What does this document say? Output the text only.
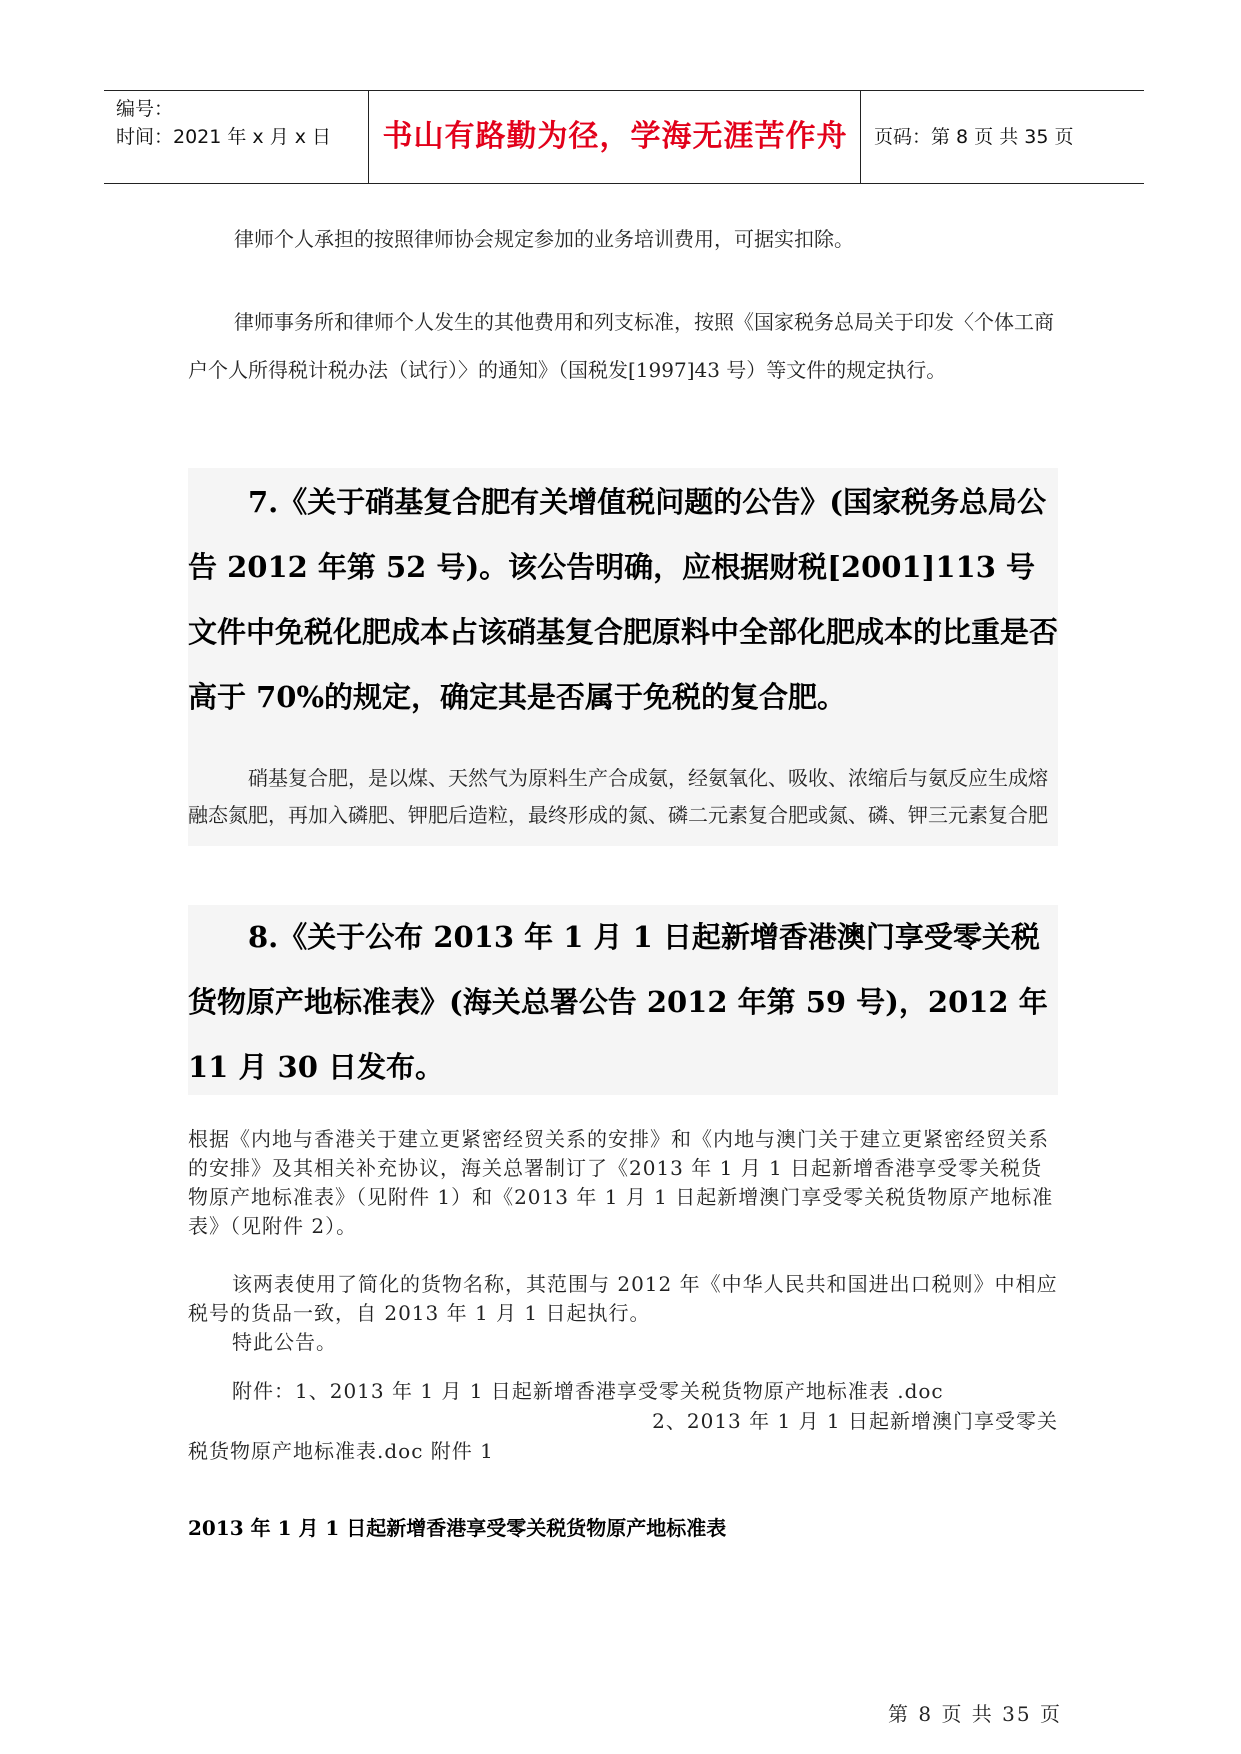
编号：
时间：2021 年 x 月 x 日	书山有路勤为径，学海无涯苦作舟	页码：第 8 页 共 35 页
律师个人承担的按照律师协会规定参加的业务培训费用，可据实扣除。
律师事务所和律师个人发生的其他费用和列支标准，按照《国家税务总局关于印发〈个体工商户个人所得税计税办法（试行）〉的通知》（国税发[1997]43 号）等文件的规定执行。
7.《关于硝基复合肥有关增值税问题的公告》(国家税务总局公告 2012 年第 52 号)。该公告明确，应根据财税[2001]113 号文件中免税化肥成本占该硝基复合肥原料中全部化肥成本的比重是否高于 70%的规定，确定其是否属于免税的复合肥。
硝基复合肥，是以煤、天然气为原料生产合成氨，经氨氧化、吸收、浓缩后与氨反应生成熔融态氮肥，再加入磷肥、钾肥后造粒，最终形成的氮、磷二元素复合肥或氮、磷、钾三元素复合肥
8.《关于公布 2013 年 1 月 1 日起新增香港澳门享受零关税货物原产地标准表》(海关总署公告 2012 年第 59 号)，2012 年 11 月 30 日发布。
根据《内地与香港关于建立更紧密经贸关系的安排》和《内地与澳门关于建立更紧密经贸关系的安排》及其相关补充协议，海关总署制订了《2013 年 1 月 1 日起新增香港享受零关税货物原产地标准表》（见附件 1）和《2013 年 1 月 1 日起新增澳门享受零关税货物原产地标准表》（见附件 2）。
该两表使用了简化的货物名称，其范围与 2012 年《中华人民共和国进出口税则》中相应税号的货品一致，自 2013 年 1 月 1 日起执行。
特此公告。
附件：1、2013 年 1 月 1 日起新增香港享受零关税货物原产地标准表 .doc
2、2013 年 1 月 1 日起新增澳门享受零关
税货物原产地标准表.doc 附件 1
2013 年 1 月 1 日起新增香港享受零关税货物原产地标准表
第 8 页 共 35 页
